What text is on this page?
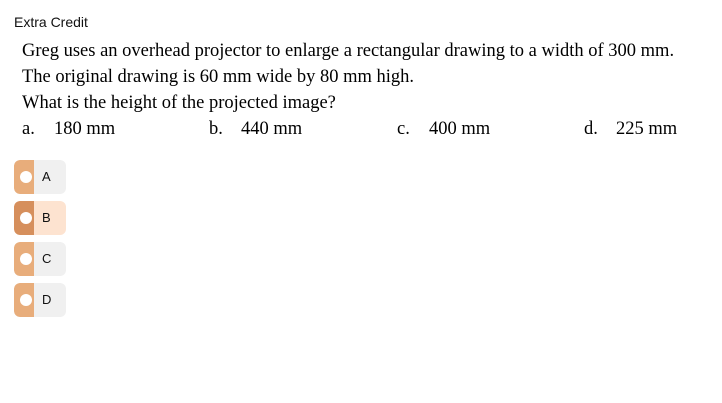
Extra Credit
Greg uses an overhead projector to enlarge a rectangular drawing to a width of 300 mm.
The original drawing is 60 mm wide by 80 mm high.
What is the height of the projected image?
a. 180 mm	b. 440 mm	c. 400 mm	d. 225 mm
A
B
C
D
